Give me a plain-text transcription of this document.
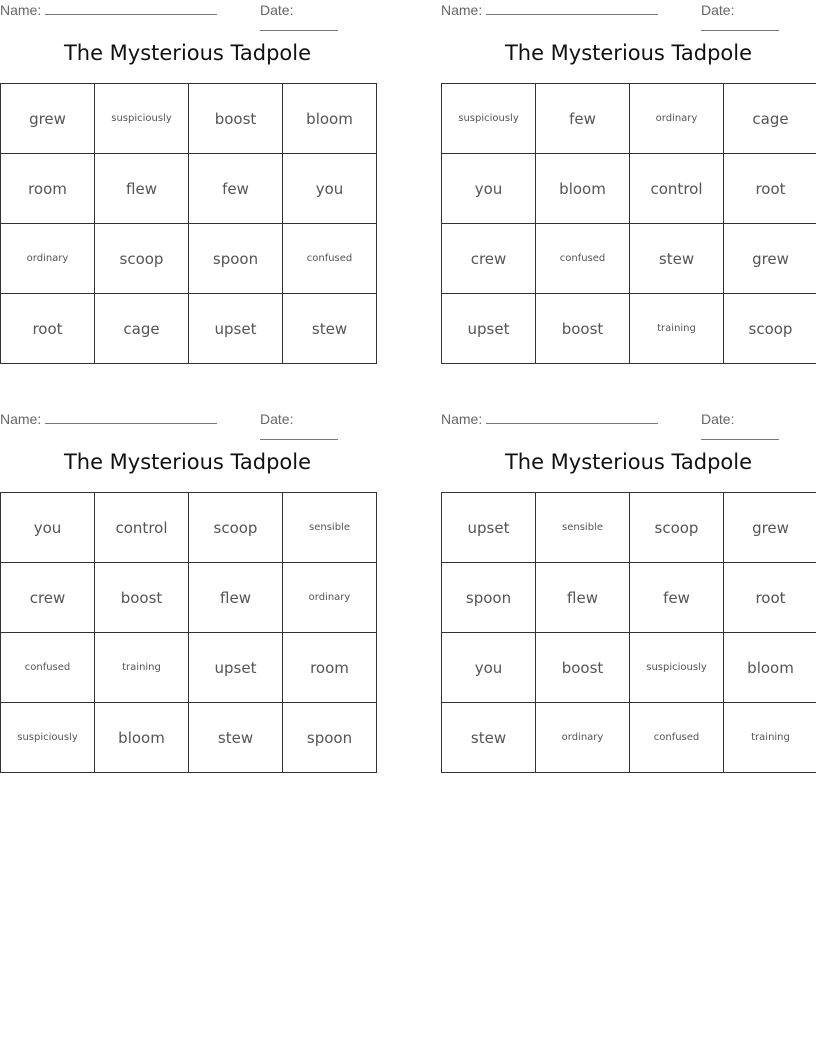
Name:	Date:
The Mysterious Tadpole
grew	suspiciously	boost	bloom
room	flew	few	you
ordinary	scoop	spoon	confused
root	cage	upset	stew
Name:	Date:
The Mysterious Tadpole
suspiciously	few	ordinary	cage
you	bloom	control	root
crew	confused	stew	grew
upset	boost	training	scoop
Name:	Date:
The Mysterious Tadpole
you	control	scoop	sensible
crew	boost	flew	ordinary
confused	training	upset	room
suspiciously	bloom	stew	spoon
Name:	Date:
The Mysterious Tadpole
upset	sensible	scoop	grew
spoon	flew	few	root
you	boost	suspiciously	bloom
stew	ordinary	confused	training
